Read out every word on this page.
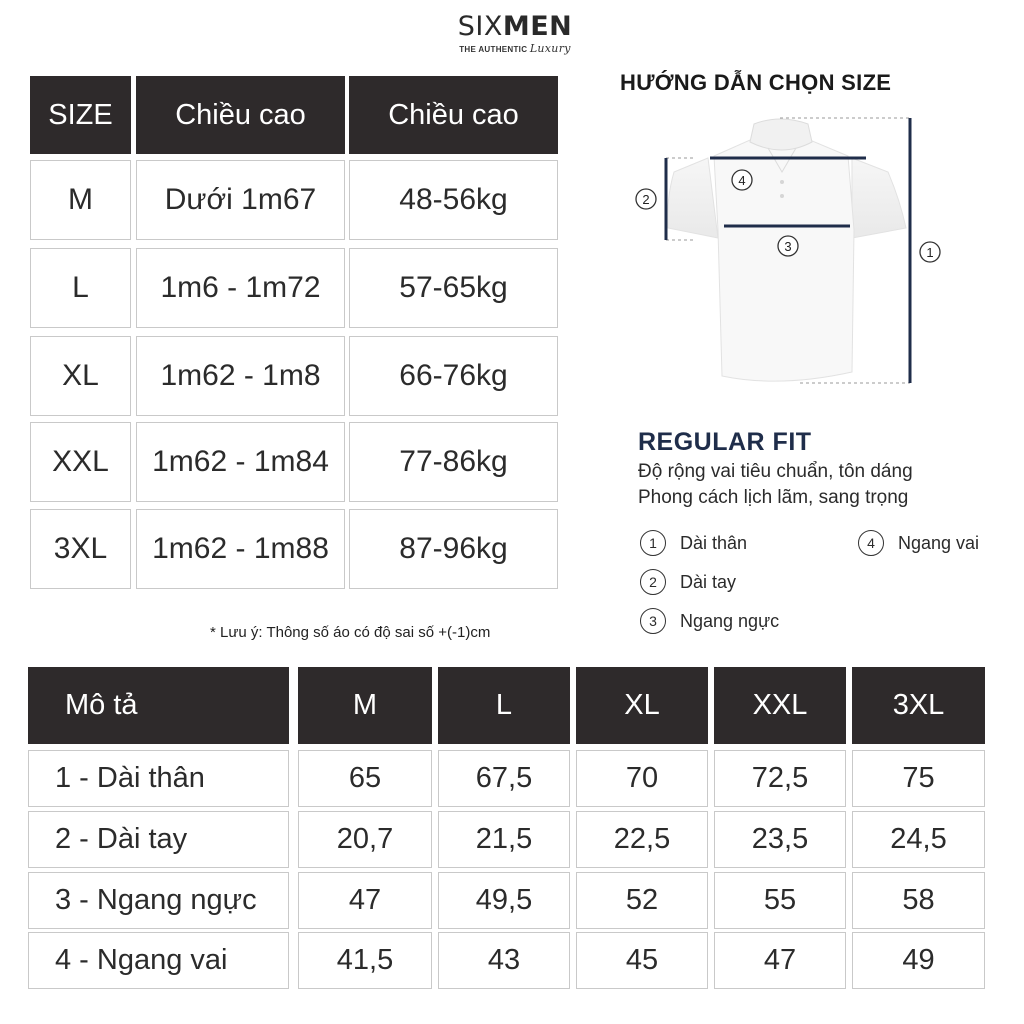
SIXMEN
THE AUTHENTIC Luxury
SIZE	Chiều cao	Chiều cao
M	Dưới 1m67	48-56kg
L	1m6 - 1m72	57-65kg
XL	1m62 - 1m8	66-76kg
XXL	1m62 - 1m84	77-86kg
3XL	1m62 - 1m88	87-96kg
* Lưu ý: Thông số áo có độ sai số +(-1)cm
HƯỚNG DẪN CHỌN SIZE
1
2
3
4
REGULAR FIT
Độ rộng vai tiêu chuẩn, tôn dáng
Phong cách lịch lãm, sang trọng
1	Dài thân
2	Dài tay
3	Ngang ngực
4	Ngang vai
Mô tả	M	L	XL	XXL	3XL
1 - Dài thân	65	67,5	70	72,5	75
2 - Dài tay	20,7	21,5	22,5	23,5	24,5
3 - Ngang ngực	47	49,5	52	55	58
4 - Ngang vai	41,5	43	45	47	49
